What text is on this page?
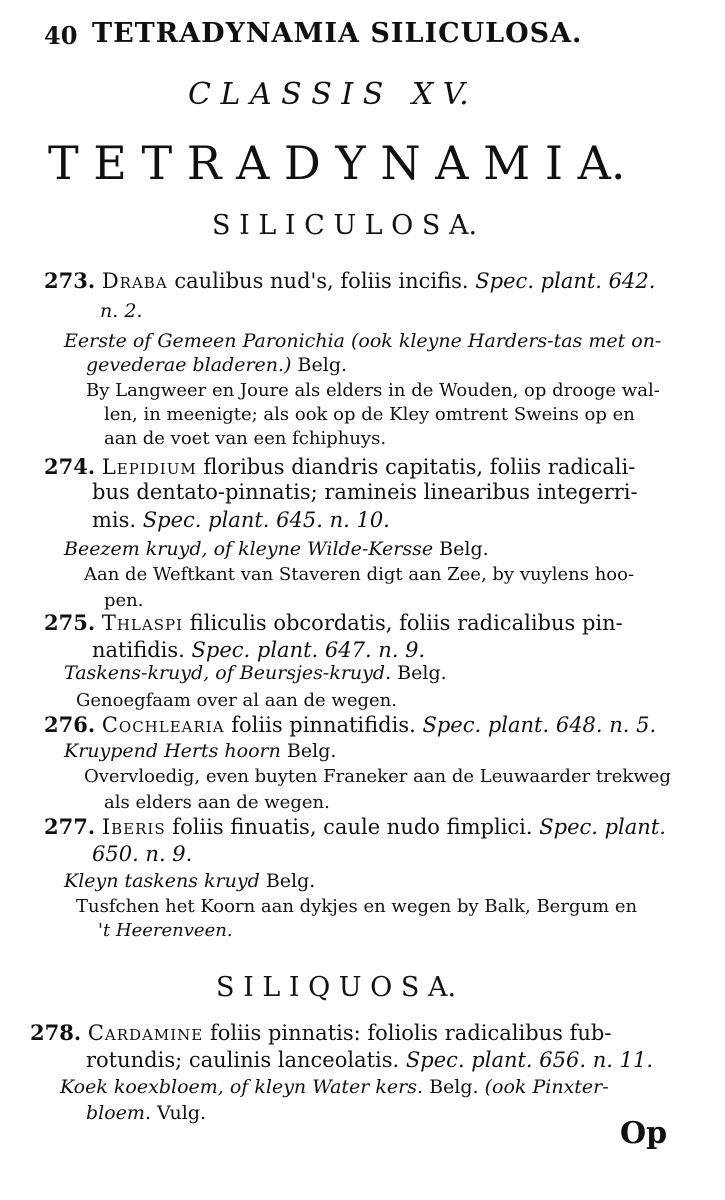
40 TETRADYNAMIA SILICULOSA.
C L A S S I S   X V.
T E T R A D Y N A M I A.
S I L I C U L O S A.
273. Draba caulibus nud's, foliis incifis. Spec. plant. 642.
n. 2.
Eerste of Gemeen Paronichia (ook kleyne Harders-tas met on-
gevederae bladeren.) Belg.
By Langweer en Joure als elders in de Wouden, op drooge wal-
len, in meenigte; als ook op de Kley omtrent Sweins op en
aan de voet van een fchiphuys.
274. Lepidium floribus diandris capitatis, foliis radicali-
bus dentato-pinnatis; ramineis linearibus integerri-
mis. Spec. plant. 645. n. 10.
Beezem kruyd, of kleyne Wilde-Kersse Belg.
Aan de Weftkant van Staveren digt aan Zee, by vuylens hoo-
pen.
275. Thlaspi filiculis obcordatis, foliis radicalibus pin-
natifidis. Spec. plant. 647. n. 9.
Taskens-kruyd, of Beursjes-kruyd. Belg.
Genoegfaam over al aan de wegen.
276. Cochlearia foliis pinnatifidis. Spec. plant. 648. n. 5.
Kruypend Herts hoorn Belg.
Overvloedig, even buyten Franeker aan de Leuwaarder trekweg
als elders aan de wegen.
277. Iberis foliis finuatis, caule nudo fimplici. Spec. plant.
650. n. 9.
Kleyn taskens kruyd Belg.
Tusfchen het Koorn aan dykjes en wegen by Balk, Bergum en
't Heerenveen.
S I L I Q U O S A.
278. Cardamine foliis pinnatis: foliolis radicalibus fub-
rotundis; caulinis lanceolatis. Spec. plant. 656. n. 11.
Koek koexbloem, of kleyn Water kers. Belg. (ook Pinxter-
bloem. Vulg.
Op
